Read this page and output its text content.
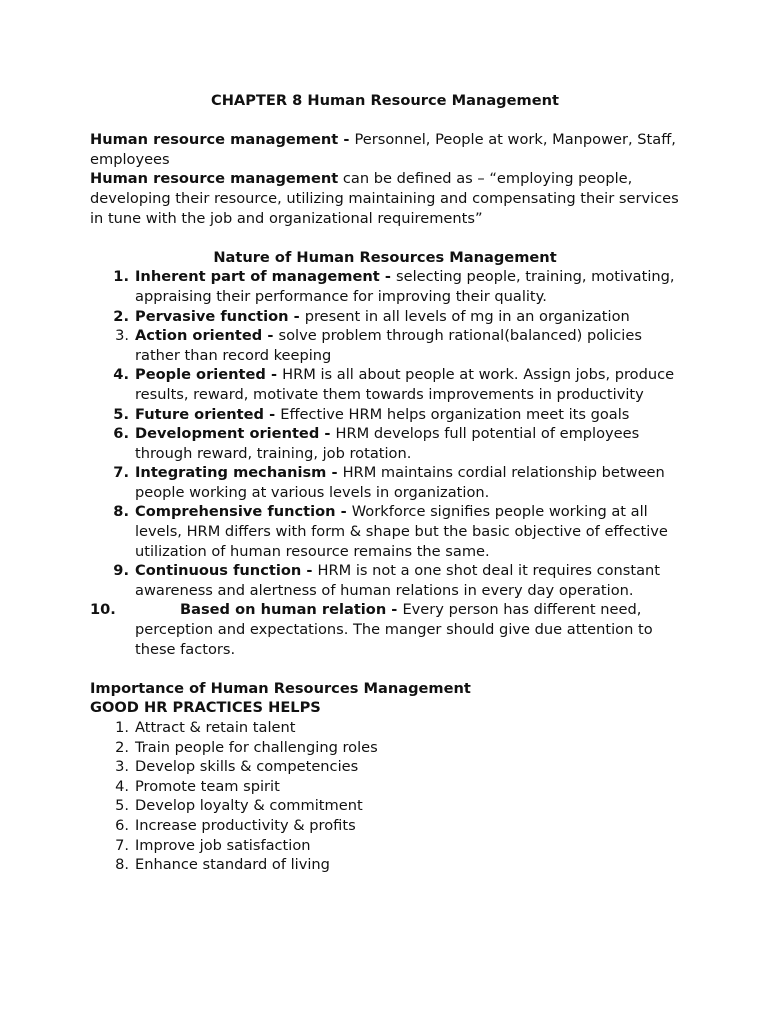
CHAPTER 8 Human Resource Management

Human resource management - Personnel, People at work, Manpower, Staff, employees

Human resource management can be defined as – “employing people, developing their resource, utilizing maintaining and compensating their services in tune with the job and organizational requirements”

Nature of Human Resources Management

1. Inherent part of management - selecting people, training, motivating, appraising their performance for improving their quality.
2. Pervasive function - present in all levels of mg in an organization
3. Action oriented - solve problem through rational(balanced) policies rather than record keeping
4. People oriented - HRM is all about people at work. Assign jobs, produce results, reward, motivate them towards improvements in productivity
5. Future oriented - Effective HRM helps organization meet its goals
6. Development oriented - HRM develops full potential of employees through reward, training, job rotation.
7. Integrating mechanism - HRM maintains cordial relationship between people working at various levels in organization.
8. Comprehensive function - Workforce signifies people working at all levels, HRM differs with form & shape but the basic objective of effective utilization of human resource remains the same.
9. Continuous function - HRM is not a one shot deal it requires constant awareness and alertness of human relations in every day operation.
10.	Based on human relation - Every person has different need, perception and expectations. The manger should give due attention to these factors.

Importance of Human Resources Management

GOOD HR PRACTICES HELPS

1. Attract & retain talent
2. Train people for challenging roles
3. Develop skills & competencies
4. Promote team spirit
5. Develop loyalty & commitment
6. Increase productivity & profits
7. Improve job satisfaction
8. Enhance standard of living
